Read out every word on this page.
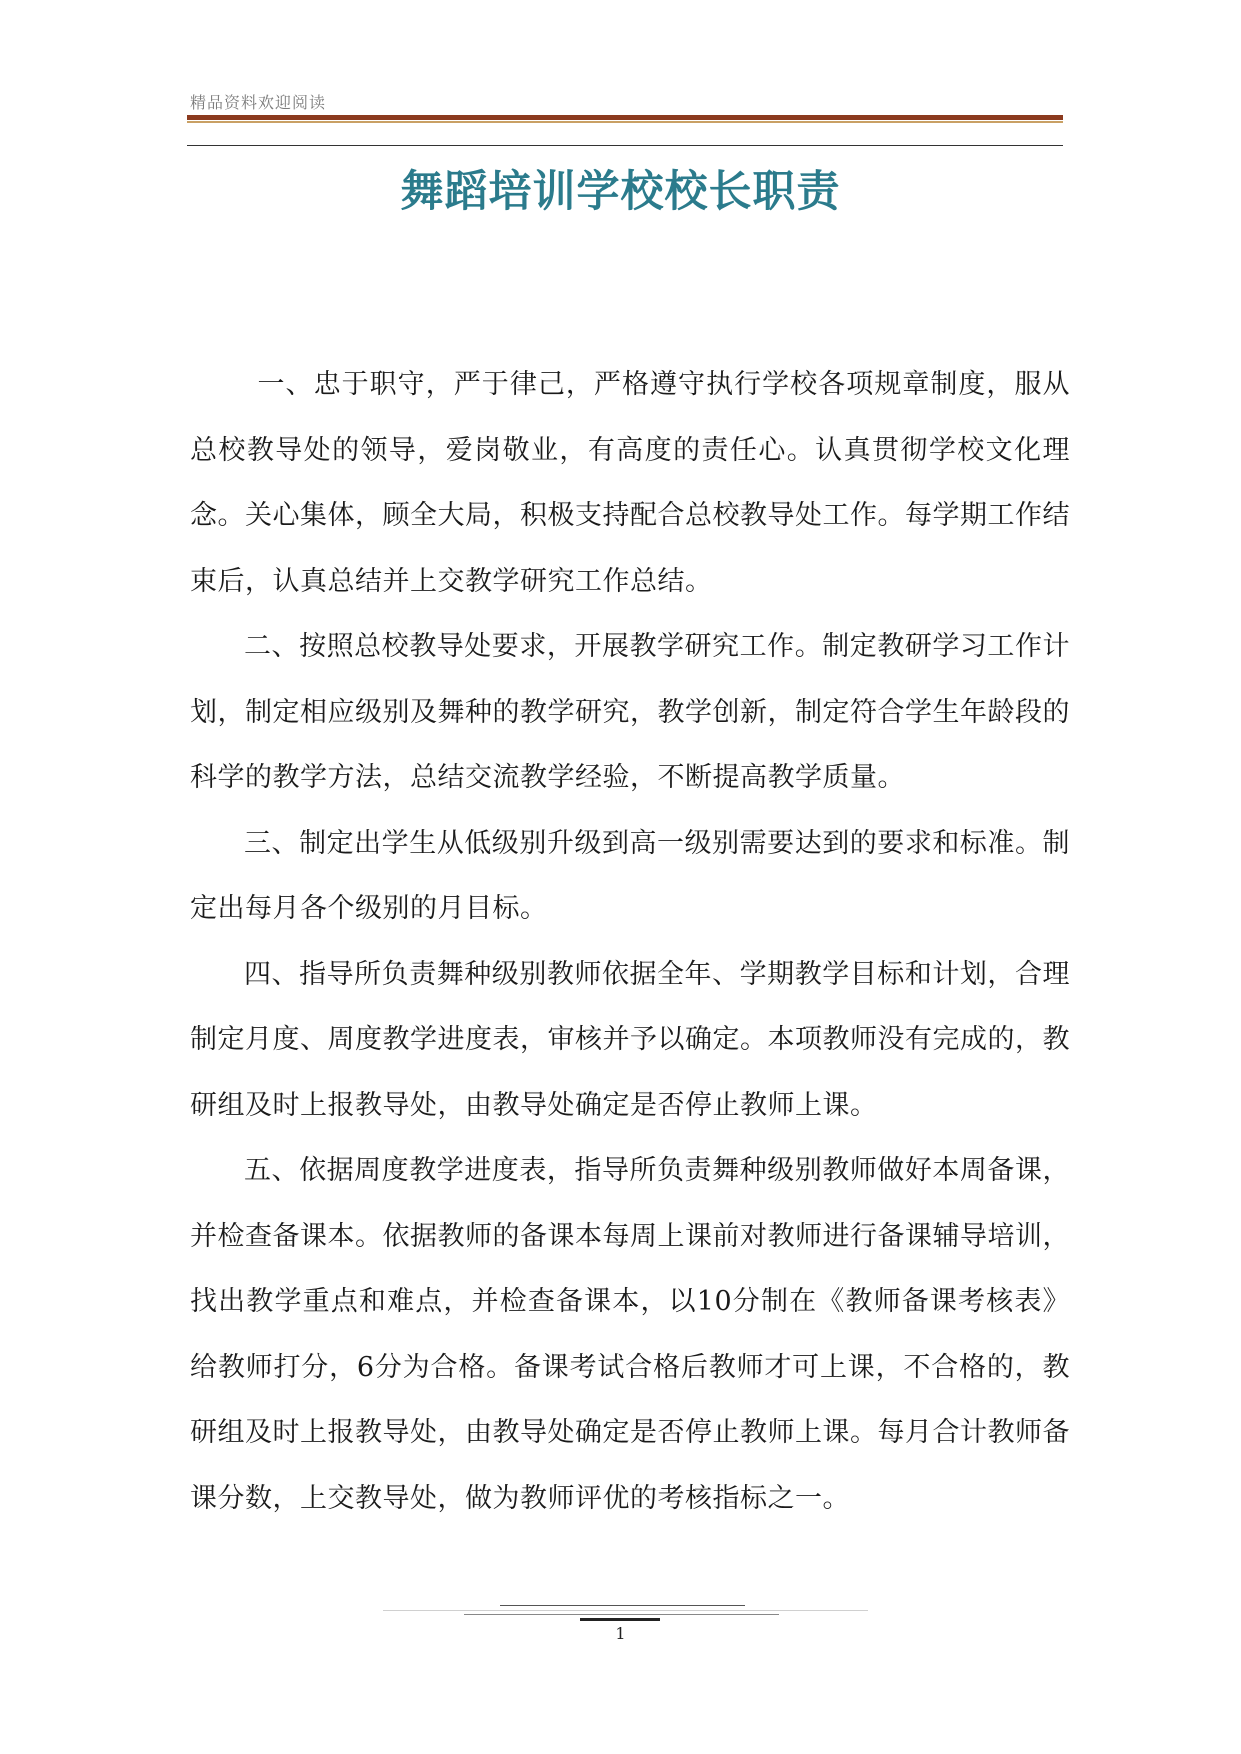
精品资料欢迎阅读
舞蹈培训学校校长职责

一、忠于职守，严于律己，严格遵守执行学校各项规章制度，服从总校教导处的领导，爱岗敬业，有高度的责任心。认真贯彻学校文化理念。关心集体，顾全大局，积极支持配合总校教导处工作。每学期工作结束后，认真总结并上交教学研究工作总结。

二、按照总校教导处要求，开展教学研究工作。制定教研学习工作计划，制定相应级别及舞种的教学研究，教学创新，制定符合学生年龄段的科学的教学方法，总结交流教学经验，不断提高教学质量。

三、制定出学生从低级别升级到高一级别需要达到的要求和标准。制定出每月各个级别的月目标。

四、指导所负责舞种级别教师依据全年、学期教学目标和计划，合理制定月度、周度教学进度表，审核并予以确定。本项教师没有完成的，教研组及时上报教导处，由教导处确定是否停止教师上课。

五、依据周度教学进度表，指导所负责舞种级别教师做好本周备课，并检查备课本。依据教师的备课本每周上课前对教师进行备课辅导培训，找出教学重点和难点，并检查备课本，以10分制在《教师备课考核表》给教师打分，6分为合格。备课考试合格后教师才可上课，不合格的，教研组及时上报教导处，由教导处确定是否停止教师上课。每月合计教师备课分数，上交教导处，做为教师评优的考核指标之一。

1
